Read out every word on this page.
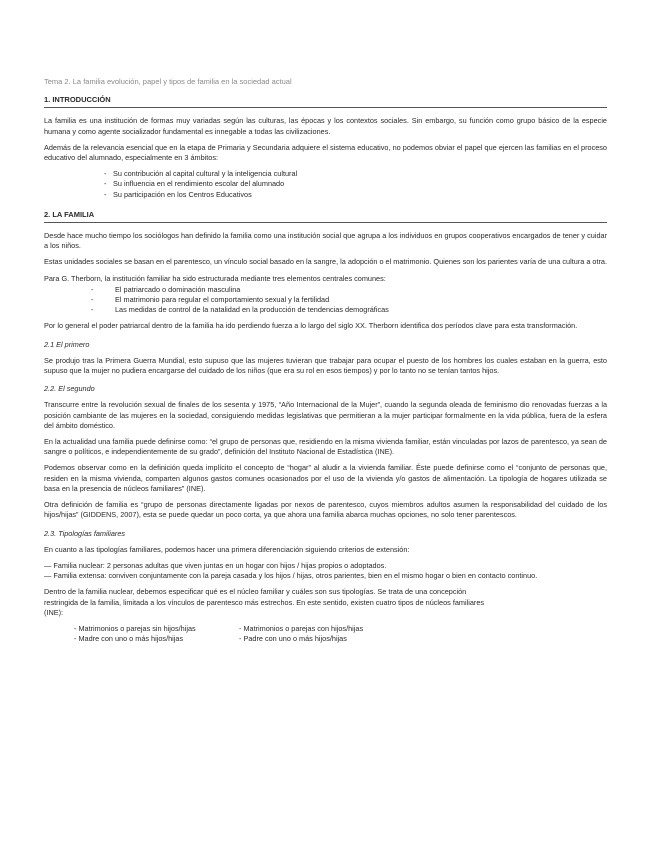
Tema 2. La familia evolución, papel y tipos de familia en la sociedad actual
1. INTRODUCCIÓN

La familia es una institución de formas muy variadas según las culturas, las épocas y los contextos sociales. Sin embargo, su función como grupo básico de la especie humana y como agente socializador fundamental es innegable a todas las civilizaciones.

Además de la relevancia esencial que en la etapa de Primaria y Secundaria adquiere el sistema educativo, no podemos obviar el papel que ejercen las familias en el proceso educativo del alumnado, especialmente en 3 ámbitos:

- Su contribución al capital cultural y la inteligencia cultural
- Su influencia en el rendimiento escolar del alumnado
- Su participación en los Centros Educativos
2. LA FAMILIA

Desde hace mucho tiempo los sociólogos han definido la familia como una institución social que agrupa a los individuos en grupos cooperativos encargados de tener y cuidar a los niños.

Estas unidades sociales se basan en el parentesco, un vínculo social basado en la sangre, la adopción o el matrimonio. Quienes son los parientes varía de una cultura a otra.

Para G. Therborn, la institución familiar ha sido estructurada mediante tres elementos centrales comunes:

- El patriarcado o dominación masculina
- El matrimonio para regular el comportamiento sexual y la fertilidad
- Las medidas de control de la natalidad en la producción de tendencias demográficas

Por lo general el poder patriarcal dentro de la familia ha ido perdiendo fuerza a lo largo del siglo XX. Therborn identifica dos períodos clave para esta transformación.

2.1 El primero

Se produjo tras la Primera Guerra Mundial, esto supuso que las mujeres tuvieran que trabajar para ocupar el puesto de los hombres los cuales estaban en la guerra, esto supuso que la mujer no pudiera encargarse del cuidado de los niños (que era su rol en esos tiempos) y por lo tanto no se tenían tantos hijos.

2.2. El segundo

Transcurre entre la revolución sexual de finales de los sesenta y 1975, “Año Internacional de la Mujer”, cuando la segunda oleada de feminismo dio renovadas fuerzas a la posición cambiante de las mujeres en la sociedad, consiguiendo medidas legislativas que permitieran a la mujer participar formalmente en la vida pública, fuera de la esfera del ámbito doméstico.

En la actualidad una familia puede definirse como: “el grupo de personas que, residiendo en la misma vivienda familiar, están vinculadas por lazos de parentesco, ya sean de sangre o políticos, e independientemente de su grado”, definición del Instituto Nacional de Estadística (INE).

Podemos observar como en la definición queda implícito el concepto de “hogar” al aludir a la vivienda familiar. Éste puede definirse como el “conjunto de personas que, residen en la misma vivienda, comparten algunos gastos comunes ocasionados por el uso de la vivienda y/o gastos de alimentación. La tipología de hogares utilizada se basa en la presencia de núcleos familiares” (INE).

Otra definición de familia es “grupo de personas directamente ligadas por nexos de parentesco, cuyos miembros adultos asumen la responsabilidad del cuidado de los hijos/hijas” (GIDDENS, 2007), esta se puede quedar un poco corta, ya que ahora una familia abarca muchas opciones, no solo tener parentescos.

2.3. Tipologías familiares

En cuanto a las tipologías familiares, podemos hacer una primera diferenciación siguiendo criterios de extensión:

— Familia nuclear: 2 personas adultas que viven juntas en un hogar con hijos / hijas propios o adoptados.

— Familia extensa: conviven conjuntamente con la pareja casada y los hijos / hijas, otros parientes, bien en el mismo hogar o bien en contacto continuo.

Dentro de la familia nuclear, debemos especificar qué es el núcleo familiar y cuáles son sus tipologías. Se trata de una concepción
restringida de la familia, limitada a los vínculos de parentesco más estrechos. En este sentido, existen cuatro tipos de núcleos familiares
(INE):
- Matrimonios o parejas sin hijos/hijas	- Matrimonios o parejas con hijos/hijas
- Madre con uno o más hijos/hijas	- Padre con uno o más hijos/hijas
